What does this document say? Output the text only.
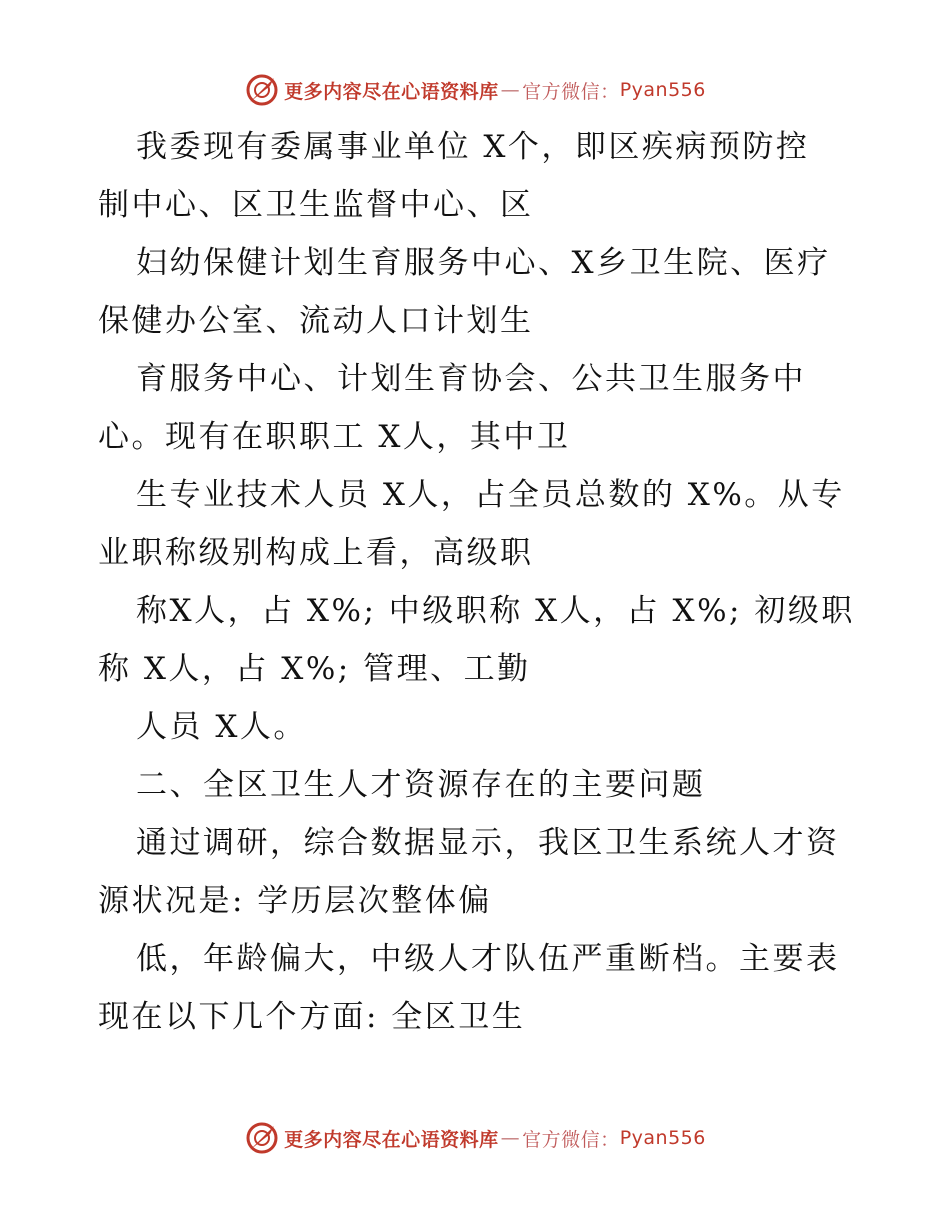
更多内容尽在心语资料库 — 官方微信： Pyan556

我委现有委属事业单位 X个，即区疾病预防控
制中心、区卫生监督中心、区

妇幼保健计划生育服务中心、X乡卫生院、医疗
保健办公室、流动人口计划生

育服务中心、计划生育协会、公共卫生服务中
心。现有在职职工 X人，其中卫

生专业技术人员 X人，占全员总数的 X%。从专
业职称级别构成上看，高级职

称X人，占 X%; 中级职称 X人，占 X%; 初级职
称 X人，占 X%; 管理、工勤

人员 X人。

二、全区卫生人才资源存在的主要问题

通过调研，综合数据显示，我区卫生系统人才资
源状况是: 学历层次整体偏

低，年龄偏大，中级人才队伍严重断档。主要表
现在以下几个方面: 全区卫生

更多内容尽在心语资料库 — 官方微信： Pyan556
